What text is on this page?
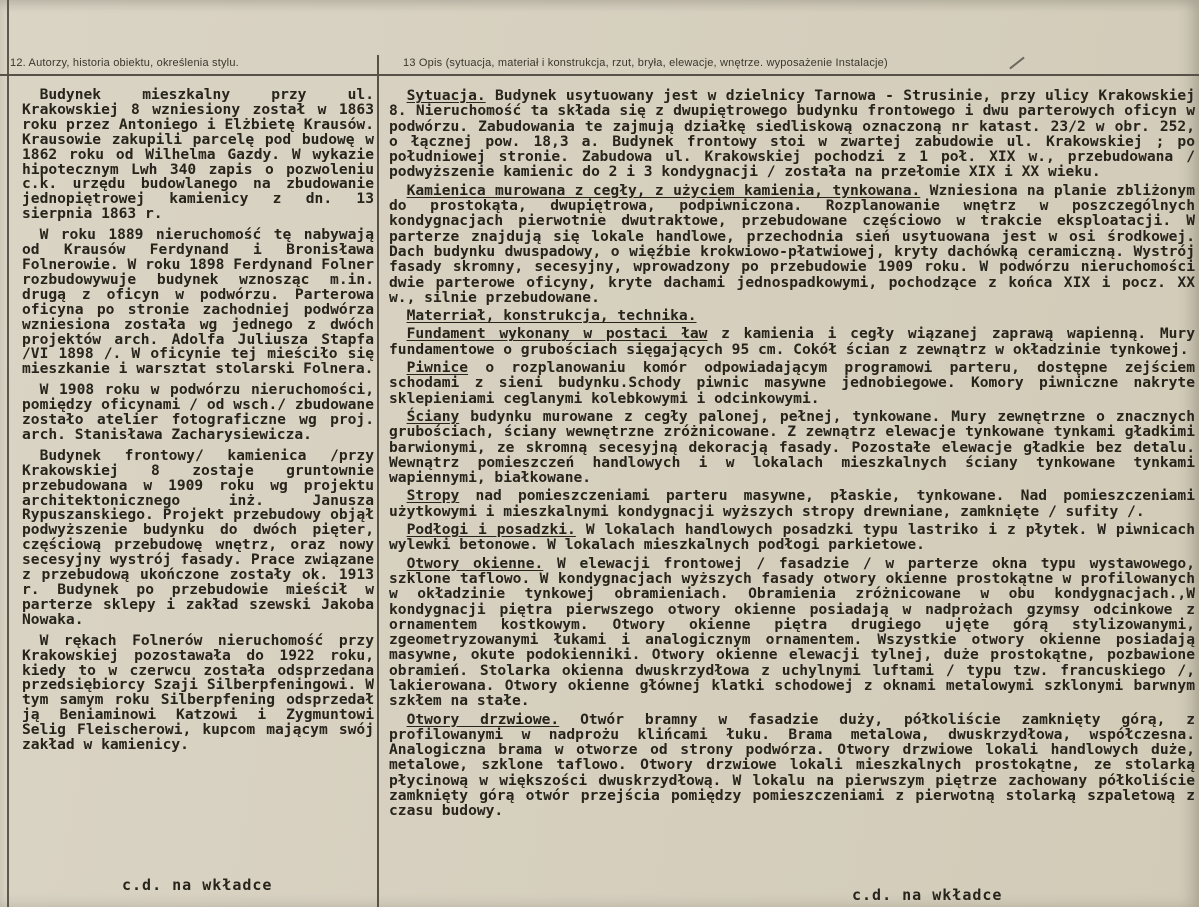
12. Autorzy, historia obiektu, określenia stylu.	13 Opis (sytuacja, materiał i konstrukcja, rzut, bryła, elewacje, wnętrze. wyposażenie Instalacje)

Budynek mieszkalny przy ul. Krakowskiej 8 wzniesiony został w 1863 roku przez Antoniego i Elżbietę Krausów. Krausowie zakupili parcelę pod budowę w 1862 roku od Wilhelma Gazdy. W wykazie hipotecznym Lwh 340 zapis o pozwoleniu c.k. urzędu budowlanego na zbudowanie jednopiętrowej kamienicy z dn. 13 sierpnia 1863 r.

W roku 1889 nieruchomość tę nabywają od Krausów Ferdynand i Bronisława Folnerowie. W roku 1898 Ferdynand Folner rozbudowywuje budynek wznosząc m.in. drugą z oficyn w podwórzu. Parterowa oficyna po stronie zachodniej podwórza wzniesiona została wg jednego z dwóch projektów arch. Adolfa Juliusza Stapfa /VI 1898 /. W oficynie tej mieściło się mieszkanie i warsztat stolarski Folnera.

W 1908 roku w podwórzu nieruchomości, pomiędzy oficynami / od wsch./ zbudowane zostało atelier fotograficzne wg proj. arch. Stanisława Zacharysiewicza.

Budynek frontowy/ kamienica /przy Krakowskiej 8 zostaje gruntownie przebudowana w 1909 roku wg projektu architektonicznego inż. Janusza Rypuszanskiego. Projekt przebudowy objął podwyższenie budynku do dwóch pięter, częściową przebudowę wnętrz, oraz nowy secesyjny wystrój fasady. Prace związane z przebudową ukończone zostały ok. 1913 r. Budynek po przebudowie mieścił w parterze sklepy i zakład szewski Jakoba Nowaka.

W rękach Folnerów nieruchomość przy Krakowskiej pozostawała do 1922 roku, kiedy to w czerwcu została odsprzedana przedsiębiorcy Szaji Silberpfeningowi. W tym samym roku Silberpfening odsprzedał ją Beniaminowi Katzowi i Zygmuntowi Selig Fleischerowi, kupcom mającym swój zakład w kamienicy.

Sytuacja. Budynek usytuowany jest w dzielnicy Tarnowa - Strusinie, przy ulicy Krakowskiej 8. Nieruchomość ta składa się z dwupiętrowego budynku frontowego i dwu parterowych oficyn w podwórzu. Zabudowania te zajmują działkę siedliskową oznaczoną nr katast. 23/2 w obr. 252, o łącznej pow. 18,3 a. Budynek frontowy stoi w zwartej zabudowie ul. Krakowskiej ; po południowej stronie. Zabudowa ul. Krakowskiej pochodzi z 1 poł. XIX w., przebudowana / podwyższenie kamienic do 2 i 3 kondygnacji / została na przełomie XIX i XX wieku.

Kamienica murowana z cegły, z użyciem kamienia, tynkowana. Wzniesiona na planie zbliżonym do prostokąta, dwupiętrowa, podpiwniczona. Rozplanowanie wnętrz w poszczególnych kondygnacjach pierwotnie dwutraktowe, przebudowane częściowo w trakcie eksploatacji. W parterze znajdują się lokale handlowe, przechodnia sień usytuowana jest w osi środkowej. Dach budynku dwuspadowy, o więźbie krokwiowo-płatwiowej, kryty dachówką ceramiczną. Wystrój fasady skromny, secesyjny, wprowadzony po przebudowie 1909 roku. W podwórzu nieruchomości dwie parterowe oficyny, kryte dachami jednospadkowymi, pochodzące z końca XIX i pocz. XX w., silnie przebudowane.

Materriał, konstrukcja, technika.

Fundament wykonany w postaci ław z kamienia i cegły wiązanej zaprawą wapienną. Mury fundamentowe o grubościach sięgających 95 cm. Cokół ścian z zewnątrz w okładzinie tynkowej.

Piwnice o rozplanowaniu komór odpowiadającym programowi parteru, dostępne zejściem schodami z sieni budynku.Schody piwnic masywne jednobiegowe. Komory piwniczne nakryte sklepieniami ceglanymi kolebkowymi i odcinkowymi.

Ściany budynku murowane z cegły palonej, pełnej, tynkowane. Mury zewnętrzne o znacznych grubościach, ściany wewnętrzne zróżnicowane. Z zewnątrz elewacje tynkowane tynkami gładkimi barwionymi, ze skromną secesyjną dekoracją fasady. Pozostałe elewacje gładkie bez detalu. Wewnątrz pomieszczeń handlowych i w lokalach mieszkalnych ściany tynkowane tynkami wapiennymi, białkowane.

Stropy nad pomieszczeniami parteru masywne, płaskie, tynkowane. Nad pomieszczeniami użytkowymi i mieszkalnymi kondygnacji wyższych stropy drewniane, zamknięte / sufity /.

Podłogi i posadzki. W lokalach handlowych posadzki typu lastriko i z płytek. W piwnicach wylewki betonowe. W lokalach mieszkalnych podłogi parkietowe.

Otwory okienne. W elewacji frontowej / fasadzie / w parterze okna typu wystawowego, szklone taflowo. W kondygnacjach wyższych fasady otwory okienne prostokątne w profilowanych w okładzinie tynkowej obramieniach. Obramienia zróżnicowane w obu kondygnacjach.,W kondygnacji piętra pierwszego otwory okienne posiadają w nadprożach gzymsy odcinkowe z ornamentem kostkowym. Otwory okienne piętra drugiego ujęte górą stylizowanymi, zgeometryzowanymi łukami i analogicznym ornamentem. Wszystkie otwory okienne posiadają masywne, okute podokienniki. Otwory okienne elewacji tylnej, duże prostokątne, pozbawione obramień. Stolarka okienna dwuskrzydłowa z uchylnymi luftami / typu tzw. francuskiego /, lakierowana. Otwory okienne głównej klatki schodowej z oknami metalowymi szklonymi barwnym szkłem na stałe.

Otwory drzwiowe. Otwór bramny w fasadzie duży, półkoliście zamknięty górą, z profilowanymi w nadprożu klińcami łuku. Brama metalowa, dwuskrzydłowa, współczesna. Analogiczna brama w otworze od strony podwórza. Otwory drzwiowe lokali handlowych duże, metalowe, szklone taflowo. Otwory drzwiowe lokali mieszkalnych prostokątne, ze stolarką płycinową w większości dwuskrzydłową. W lokalu na pierwszym piętrze zachowany półkoliście zamknięty górą otwór przejścia pomiędzy pomieszczeniami z pierwotną stolarką szpaletową z czasu budowy.

c.d. na wkładce
c.d. na wkładce
